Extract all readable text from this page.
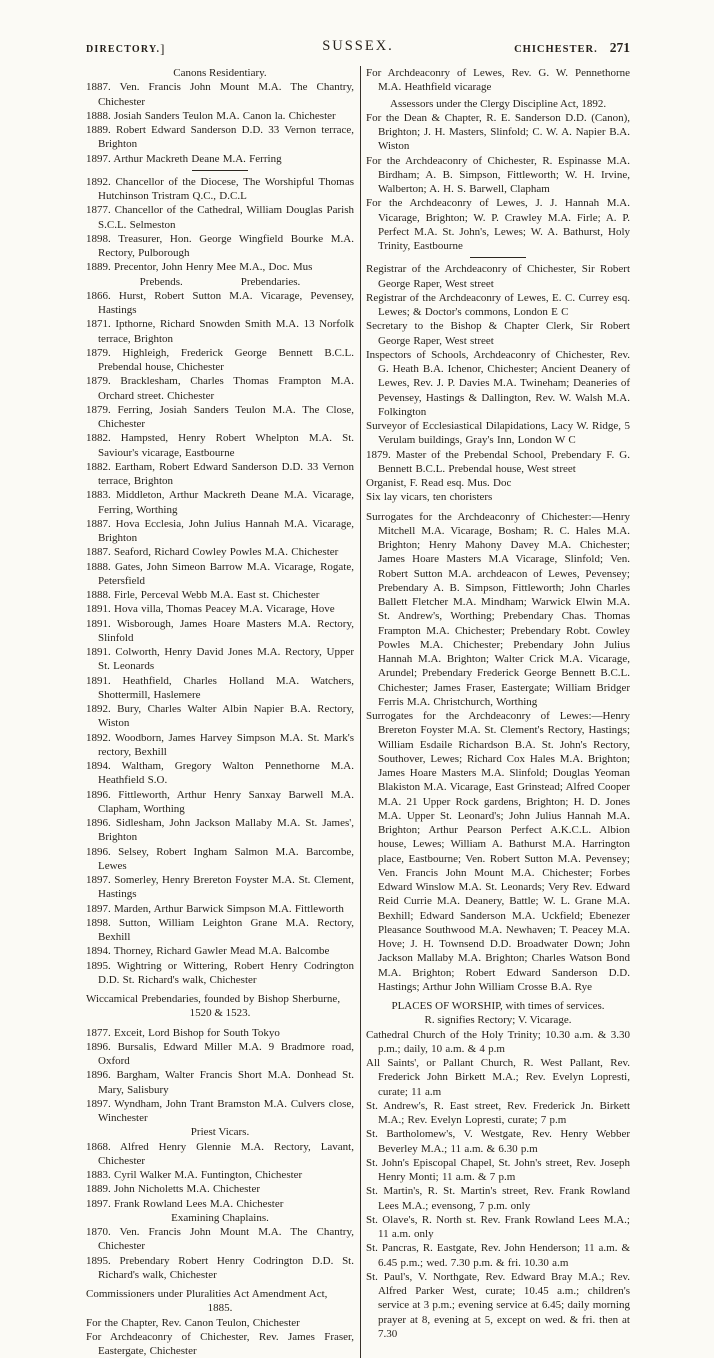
DIRECTORY.]	SUSSEX.	CHICHESTER. 271
Canons Residentiary.

1887. Ven. Francis John Mount M.A. The Chantry, Chichester

1888. Josiah Sanders Teulon M.A. Canon la. Chichester

1889. Robert Edward Sanderson D.D. 33 Vernon terrace, Brighton

1897. Arthur Mackreth Deane M.A. Ferring

1892. Chancellor of the Diocese, The Worshipful Thomas Hutchinson Tristram Q.C., D.C.L

1877. Chancellor of the Cathedral, William Douglas Parish S.C.L. Selmeston

1898. Treasurer, Hon. George Wingfield Bourke M.A. Rectory, Pulborough

1889. Precentor, John Henry Mee M.A., Doc. Mus

Prebends.	Prebendaries.

1866. Hurst, Robert Sutton M.A. Vicarage, Pevensey, Hastings

1871. Ipthorne, Richard Snowden Smith M.A. 13 Norfolk terrace, Brighton

1879. Highleigh, Frederick George Bennett B.C.L. Prebendal house, Chichester

1879. Bracklesham, Charles Thomas Frampton M.A. Orchard street. Chichester

1879. Ferring, Josiah Sanders Teulon M.A. The Close, Chichester

1882. Hampsted, Henry Robert Whelpton M.A. St. Saviour's vicarage, Eastbourne

1882. Eartham, Robert Edward Sanderson D.D. 33 Vernon terrace, Brighton

1883. Middleton, Arthur Mackreth Deane M.A. Vicarage, Ferring, Worthing

1887. Hova Ecclesia, John Julius Hannah M.A. Vicarage, Brighton

1887. Seaford, Richard Cowley Powles M.A. Chichester

1888. Gates, John Simeon Barrow M.A. Vicarage, Rogate, Petersfield

1888. Firle, Perceval Webb M.A. East st. Chichester

1891. Hova villa, Thomas Peacey M.A. Vicarage, Hove

1891. Wisborough, James Hoare Masters M.A. Rectory, Slinfold

1891. Colworth, Henry David Jones M.A. Rectory, Upper St. Leonards

1891. Heathfield, Charles Holland M.A. Watchers, Shottermill, Haslemere

1892. Bury, Charles Walter Albin Napier B.A. Rectory, Wiston

1892. Woodborn, James Harvey Simpson M.A. St. Mark's rectory, Bexhill

1894. Waltham, Gregory Walton Pennethorne M.A. Heathfield S.O.

1896. Fittleworth, Arthur Henry Sanxay Barwell M.A. Clapham, Worthing

1896. Sidlesham, John Jackson Mallaby M.A. St. James', Brighton

1896. Selsey, Robert Ingham Salmon M.A. Barcombe, Lewes

1897. Somerley, Henry Brereton Foyster M.A. St. Clement, Hastings

1897. Marden, Arthur Barwick Simpson M.A. Fittleworth

1898. Sutton, William Leighton Grane M.A. Rectory, Bexhill

1894. Thorney, Richard Gawler Mead M.A. Balcombe

1895. Wightring or Wittering, Robert Henry Codrington D.D. St. Richard's walk, Chichester

Wiccamical Prebendaries, founded by Bishop Sherburne,

1520 & 1523.

1877. Exceit, Lord Bishop for South Tokyo

1896. Bursalis, Edward Miller M.A. 9 Bradmore road, Oxford

1896. Bargham, Walter Francis Short M.A. Donhead St. Mary, Salisbury

1897. Wyndham, John Trant Bramston M.A. Culvers close, Winchester

Priest Vicars.

1868. Alfred Henry Glennie M.A. Rectory, Lavant, Chichester

1883. Cyril Walker M.A. Funtington, Chichester

1889. John Nicholetts M.A. Chichester

1897. Frank Rowland Lees M.A. Chichester

Examining Chaplains.

1870. Ven. Francis John Mount M.A. The Chantry, Chichester

1895. Prebendary Robert Henry Codrington D.D. St. Richard's walk, Chichester

Commissioners under Pluralities Act Amendment Act,

1885.

For the Chapter, Rev. Canon Teulon, Chichester

For Archdeaconry of Chichester, Rev. James Fraser, Eastergate, Chichester

For Archdeaconry of Lewes, Rev. G. W. Pennethorne M.A. Heathfield vicarage

Assessors under the Clergy Discipline Act, 1892.

For the Dean & Chapter, R. E. Sanderson D.D. (Canon), Brighton; J. H. Masters, Slinfold; C. W. A. Napier B.A. Wiston

For the Archdeaconry of Chichester, R. Espinasse M.A. Birdham; A. B. Simpson, Fittleworth; W. H. Irvine, Walberton; A. H. S. Barwell, Clapham

For the Archdeaconry of Lewes, J. J. Hannah M.A. Vicarage, Brighton; W. P. Crawley M.A. Firle; A. P. Perfect M.A. St. John's, Lewes; W. A. Bathurst, Holy Trinity, Eastbourne

Registrar of the Archdeaconry of Chichester, Sir Robert George Raper, West street

Registrar of the Archdeaconry of Lewes, E. C. Currey esq. Lewes; & Doctor's commons, London E C

Secretary to the Bishop & Chapter Clerk, Sir Robert George Raper, West street

Inspectors of Schools, Archdeaconry of Chichester, Rev. G. Heath B.A. Ichenor, Chichester; Ancient Deanery of Lewes, Rev. J. P. Davies M.A. Twineham; Deaneries of Pevensey, Hastings & Dallington, Rev. W. Walsh M.A. Folkington

Surveyor of Ecclesiastical Dilapidations, Lacy W. Ridge, 5 Verulam buildings, Gray's Inn, London W C

1879. Master of the Prebendal School, Prebendary F. G. Bennett B.C.L. Prebendal house, West street

Organist, F. Read esq. Mus. Doc

Six lay vicars, ten choristers

Surrogates for the Archdeaconry of Chichester:—Henry Mitchell M.A. Vicarage, Bosham; R. C. Hales M.A. Brighton; Henry Mahony Davey M.A. Chichester; James Hoare Masters M.A Vicarage, Slinfold; Ven. Robert Sutton M.A. archdeacon of Lewes, Pevensey; Prebendary A. B. Simpson, Fittleworth; John Charles Ballett Fletcher M.A. Mindham; Warwick Elwin M.A. St. Andrew's, Worthing; Prebendary Chas. Thomas Frampton M.A. Chichester; Prebendary Robt. Cowley Powles M.A. Chichester; Prebendary John Julius Hannah M.A. Brighton; Walter Crick M.A. Vicarage, Arundel; Prebendary Frederick George Bennett B.C.L. Chichester; James Fraser, Eastergate; William Bridger Ferris M.A. Christchurch, Worthing

Surrogates for the Archdeaconry of Lewes:—Henry Brereton Foyster M.A. St. Clement's Rectory, Hastings; William Esdaile Richardson B.A. St. John's Rectory, Southover, Lewes; Richard Cox Hales M.A. Brighton; James Hoare Masters M.A. Slinfold; Douglas Yeoman Blakiston M.A. Vicarage, East Grinstead; Alfred Cooper M.A. 21 Upper Rock gardens, Brighton; H. D. Jones M.A. Upper St. Leonard's; John Julius Hannah M.A. Brighton; Arthur Pearson Perfect A.K.C.L. Albion house, Lewes; William A. Bathurst M.A. Harrington place, Eastbourne; Ven. Robert Sutton M.A. Pevensey; Ven. Francis John Mount M.A. Chichester; Forbes Edward Winslow M.A. St. Leonards; Very Rev. Edward Reid Currie M.A. Deanery, Battle; W. L. Grane M.A. Bexhill; Edward Sanderson M.A. Uckfield; Ebenezer Pleasance Southwood M.A. Newhaven; T. Peacey M.A. Hove; J. H. Townsend D.D. Broadwater Down; John Jackson Mallaby M.A. Brighton; Charles Watson Bond M.A. Brighton; Robert Edward Sanderson D.D. Hastings; Arthur John William Crosse B.A. Rye

PLACES OF WORSHIP, with times of services.
R. signifies Rectory; V. Vicarage.

Cathedral Church of the Holy Trinity; 10.30 a.m. & 3.30 p.m.; daily, 10 a.m. & 4 p.m

All Saints', or Pallant Church, R. West Pallant, Rev. Frederick John Birkett M.A.; Rev. Evelyn Lopresti, curate; 11 a.m

St. Andrew's, R. East street, Rev. Frederick Jn. Birkett M.A.; Rev. Evelyn Lopresti, curate; 7 p.m

St. Bartholomew's, V. Westgate, Rev. Henry Webber Beverley M.A.; 11 a.m. & 6.30 p.m

St. John's Episcopal Chapel, St. John's street, Rev. Joseph Henry Monti; 11 a.m. & 7 p.m

St. Martin's, R. St. Martin's street, Rev. Frank Rowland Lees M.A.; evensong, 7 p.m. only

St. Olave's, R. North st. Rev. Frank Rowland Lees M.A.; 11 a.m. only

St. Pancras, R. Eastgate, Rev. John Henderson; 11 a.m. & 6.45 p.m.; wed. 7.30 p.m. & fri. 10.30 a.m

St. Paul's, V. Northgate, Rev. Edward Bray M.A.; Rev. Alfred Parker West, curate; 10.45 a.m.; children's service at 3 p.m.; evening service at 6.45; daily morning prayer at 8, evening at 5, except on wed. & fri. then at 7.30
